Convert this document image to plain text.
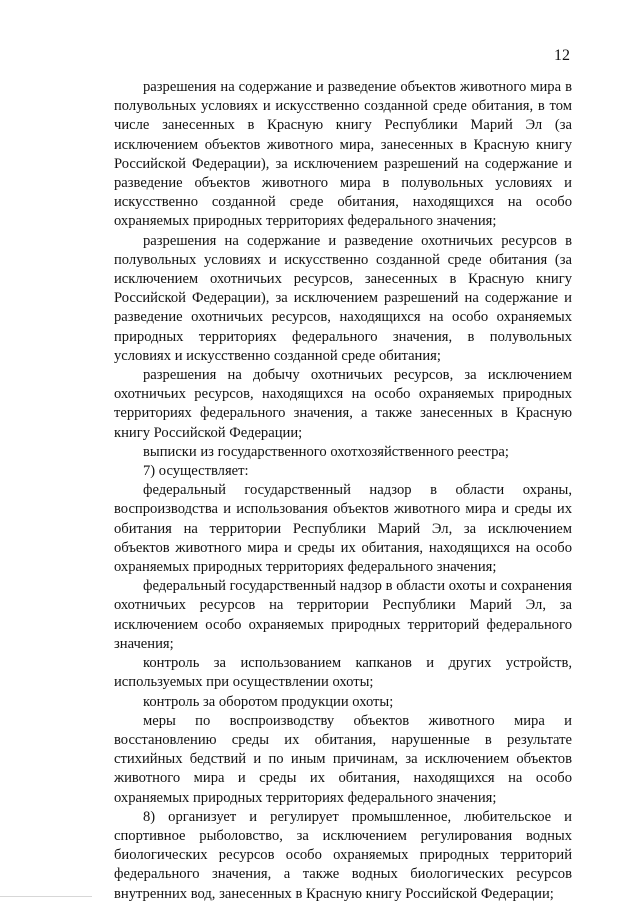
12

разрешения на содержание и разведение объектов животного мира в полувольных условиях и искусственно созданной среде обитания, в том числе занесенных в Красную книгу Республики Марий Эл (за исключением объектов животного мира, занесенных в Красную книгу Российской Федерации), за исключением разрешений на содержание и разведение объектов животного мира в полувольных условиях и искусственно созданной среде обитания, находящихся на особо охраняемых природных территориях федерального значения;

разрешения на содержание и разведение охотничьих ресурсов в полувольных условиях и искусственно созданной среде обитания (за исключением охотничьих ресурсов, занесенных в Красную книгу Российской Федерации), за исключением разрешений на содержание и разведение охотничьих ресурсов, находящихся на особо охраняемых природных территориях федерального значения, в полувольных условиях и искусственно созданной среде обитания;

разрешения на добычу охотничьих ресурсов, за исключением охотничьих ресурсов, находящихся на особо охраняемых природных территориях федерального значения, а также занесенных в Красную книгу Российской Федерации;

выписки из государственного охотхозяйственного реестра;

7) осуществляет:

федеральный государственный надзор в области охраны, воспроизводства и использования объектов животного мира и среды их обитания на территории Республики Марий Эл, за исключением объектов животного мира и среды их обитания, находящихся на особо охраняемых природных территориях федерального значения;

федеральный государственный надзор в области охоты и сохранения охотничьих ресурсов на территории Республики Марий Эл, за исключением особо охраняемых природных территорий федерального значения;

контроль за использованием капканов и других устройств, используемых при осуществлении охоты;

контроль за оборотом продукции охоты;

меры по воспроизводству объектов животного мира и восстановлению среды их обитания, нарушенные в результате стихийных бедствий и по иным причинам, за исключением объектов животного мира и среды их обитания, находящихся на особо охраняемых природных территориях федерального значения;

8) организует и регулирует промышленное, любительское и спортивное рыболовство, за исключением регулирования водных биологических ресурсов особо охраняемых природных территорий федерального значения, а также водных биологических ресурсов внутренних вод, занесенных в Красную книгу Российской Федерации;
